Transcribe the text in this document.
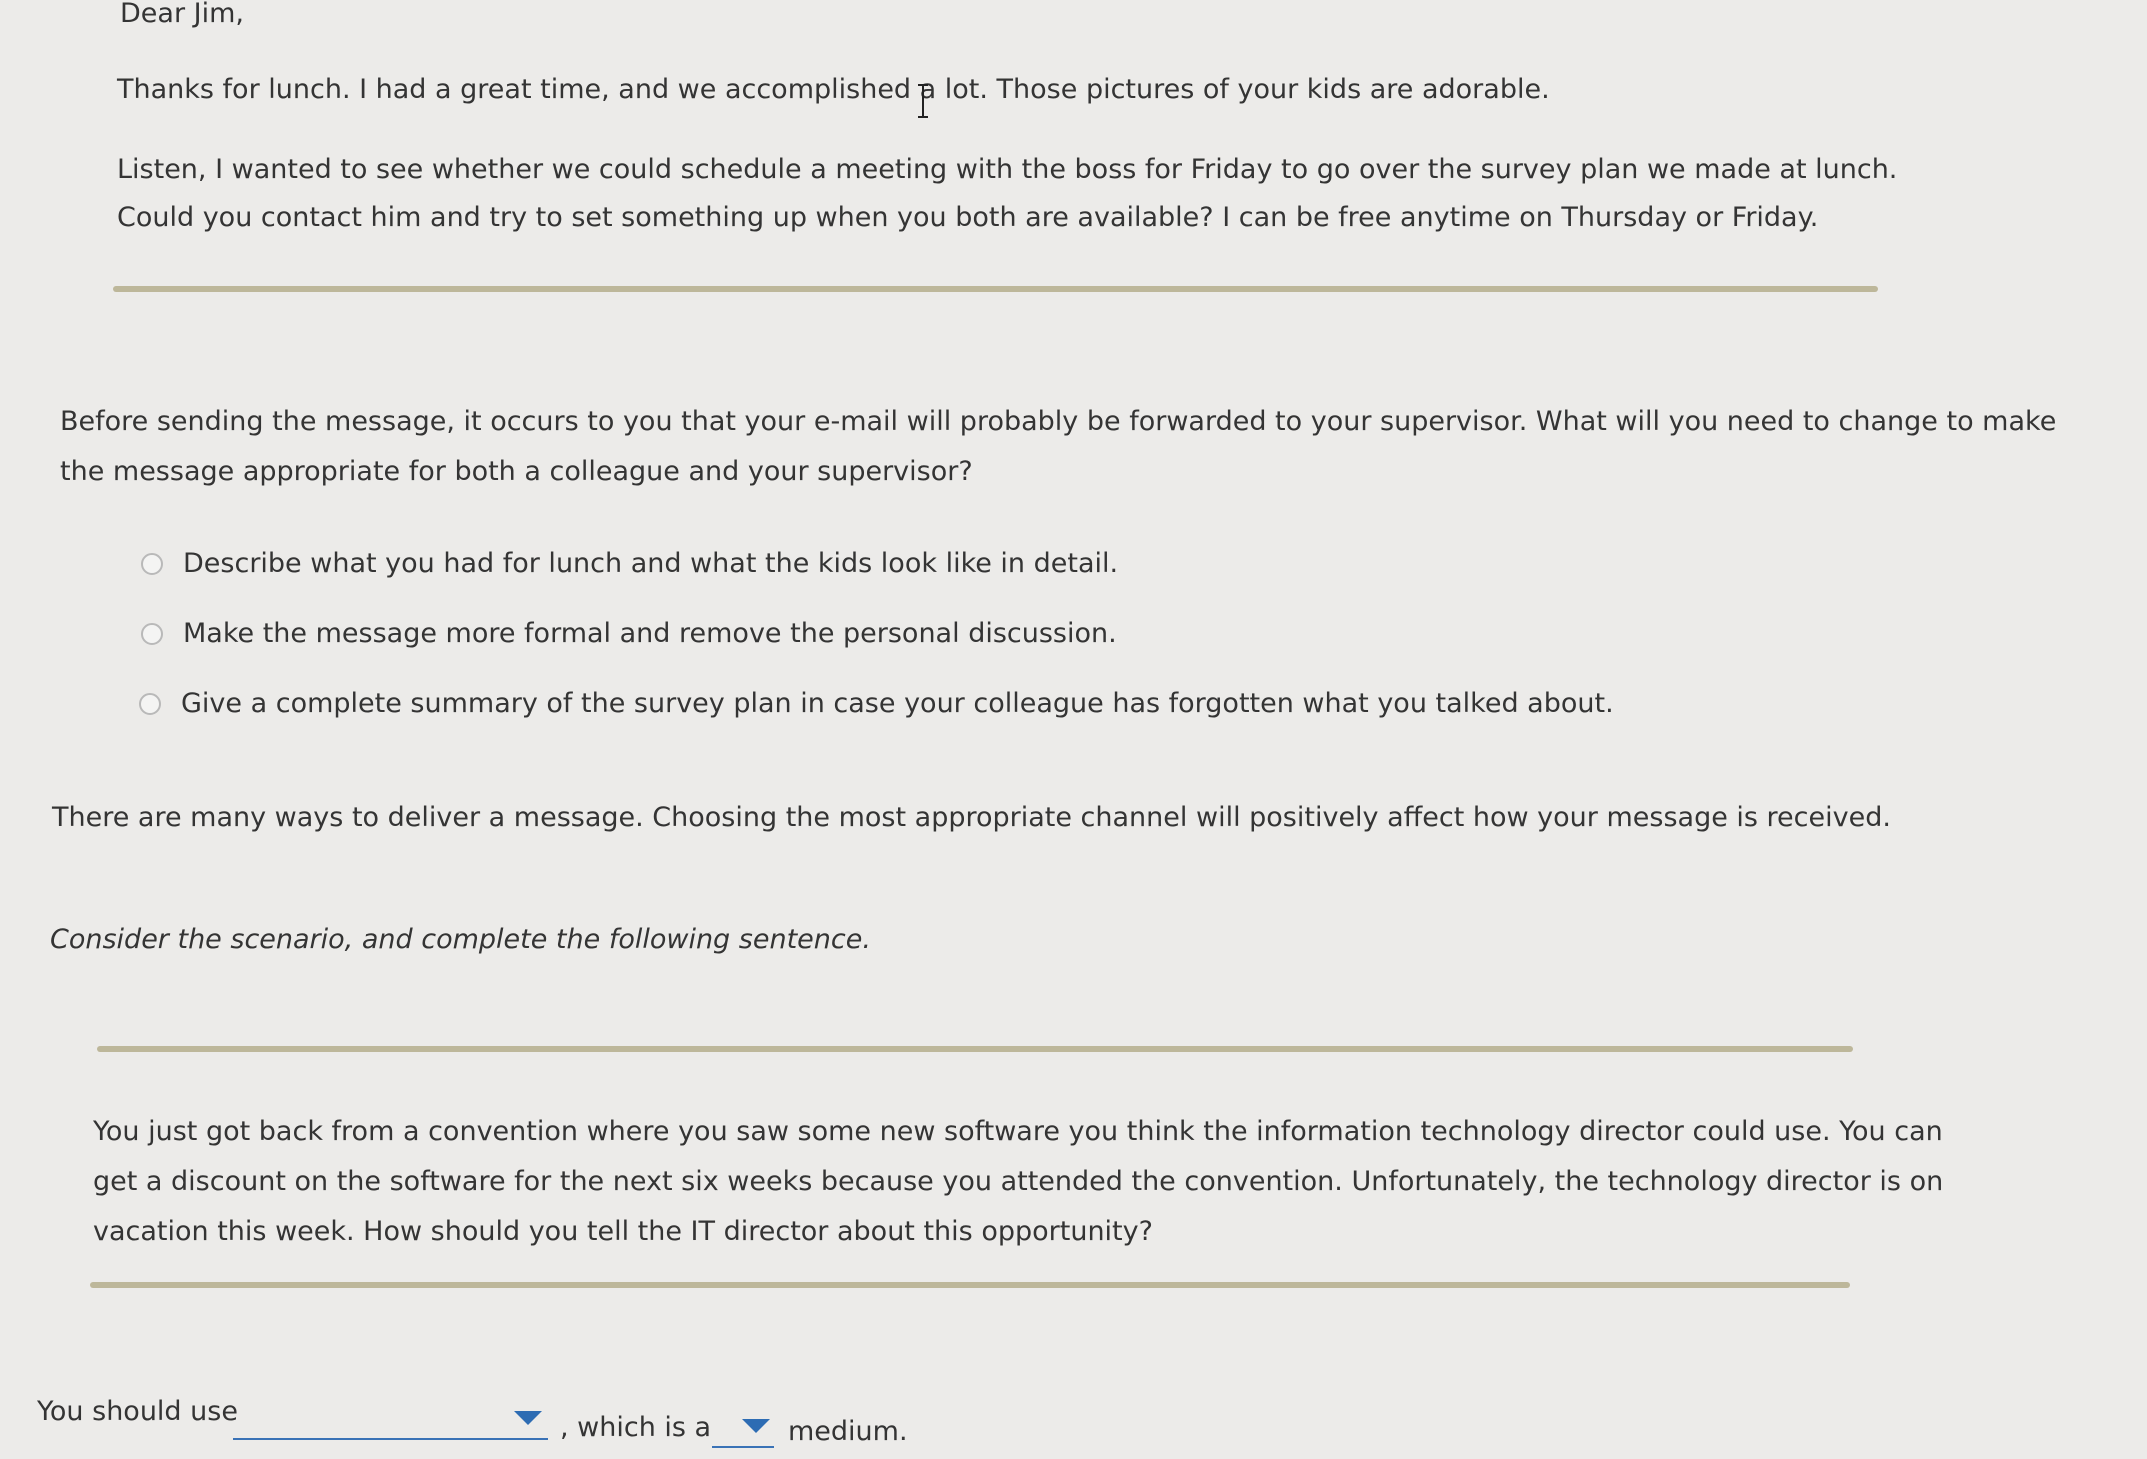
Dear Jim,
Thanks for lunch. I had a great time, and we accomplished a lot. Those pictures of your kids are adorable.
Listen, I wanted to see whether we could schedule a meeting with the boss for Friday to go over the survey plan we made at lunch.
Could you contact him and try to set something up when you both are available? I can be free anytime on Thursday or Friday.
Before sending the message, it occurs to you that your e-mail will probably be forwarded to your supervisor. What will you need to change to make
the message appropriate for both a colleague and your supervisor?
Describe what you had for lunch and what the kids look like in detail.
Make the message more formal and remove the personal discussion.
Give a complete summary of the survey plan in case your colleague has forgotten what you talked about.
There are many ways to deliver a message. Choosing the most appropriate channel will positively affect how your message is received.
Consider the scenario, and complete the following sentence.
You just got back from a convention where you saw some new software you think the information technology director could use. You can
get a discount on the software for the next six weeks because you attended the convention. Unfortunately, the technology director is on
vacation this week. How should you tell the IT director about this opportunity?
You should use
, which is a	medium.
